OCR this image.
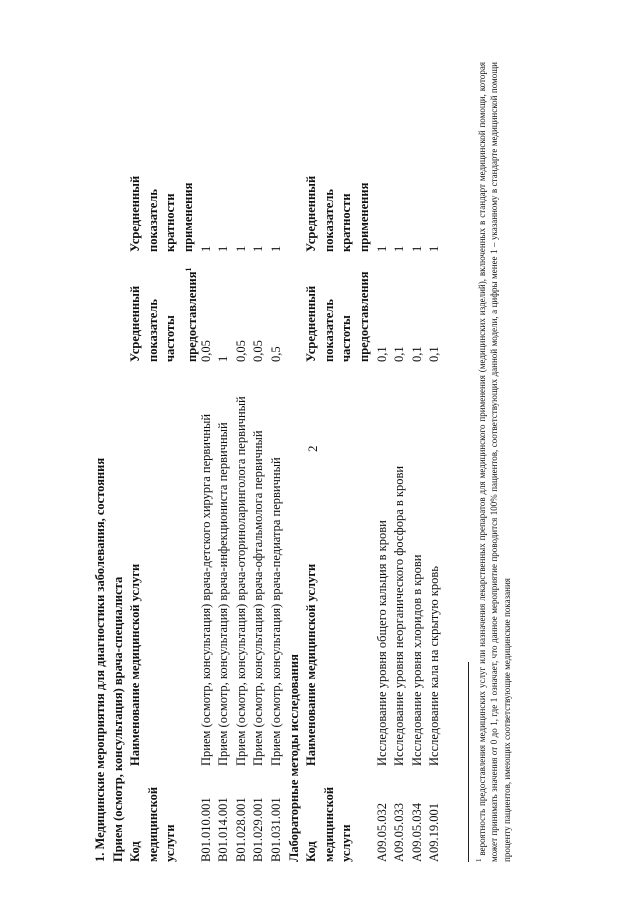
2
1. Медицинские мероприятия для диагностики заболевания, состояния Прием (осмотр, консультация) врача-специалиста Код медицинской услуги
Наименование медицинской услуги
Усредненный показатель частоты предоставления$^1$
Усредненный показатель кратности применения
B01.010.001
Прием (осмотр, консультация) врача-детского хирурга первичный
0,05
1
B01.014.001
Прием (осмотр, консультация) врача-инфекциониста первичный
1
1
B01.028.001
Прием (осмотр, консультация) врача-оториноларинголога первичный
0,05
1
B01.029.001
Прием (осмотр, консультация) врача-офтальмолога первичный
0,05
1
B01.031.001
Прием (осмотр, консультация) врача-педиатра первичный
0,5
1
Лабораторные методы исследования Код медицинской услуги
Наименование медицинской услуги
Усредненный показатель частоты предоставления
Усредненный показатель кратности применения
A09.05.032
Исследование уровня общего кальция в крови
0,1
1
A09.05.033
Исследование уровня неорганического фосфора в крови
0,1
1
A09.05.034
Исследование уровня хлоридов в крови
0,1
1
A09.19.001
Исследование кала на скрытую кровь
0,1
1
$^1$ вероятность предоставления медицинских услуг или назначения лекарственных препаратов для медицинского применения (медицинских изделий), включенных в стандарт медицинской помощи, которая может принимать значения от 0 до 1, где 1 означает, что данное мероприятие проводится 100% пациентов, соответствующих данной модели, а цифры менее 1 – указанному в стандарте медицинской помощи проценту пациентов, имеющих соответствующие медицинские показания
